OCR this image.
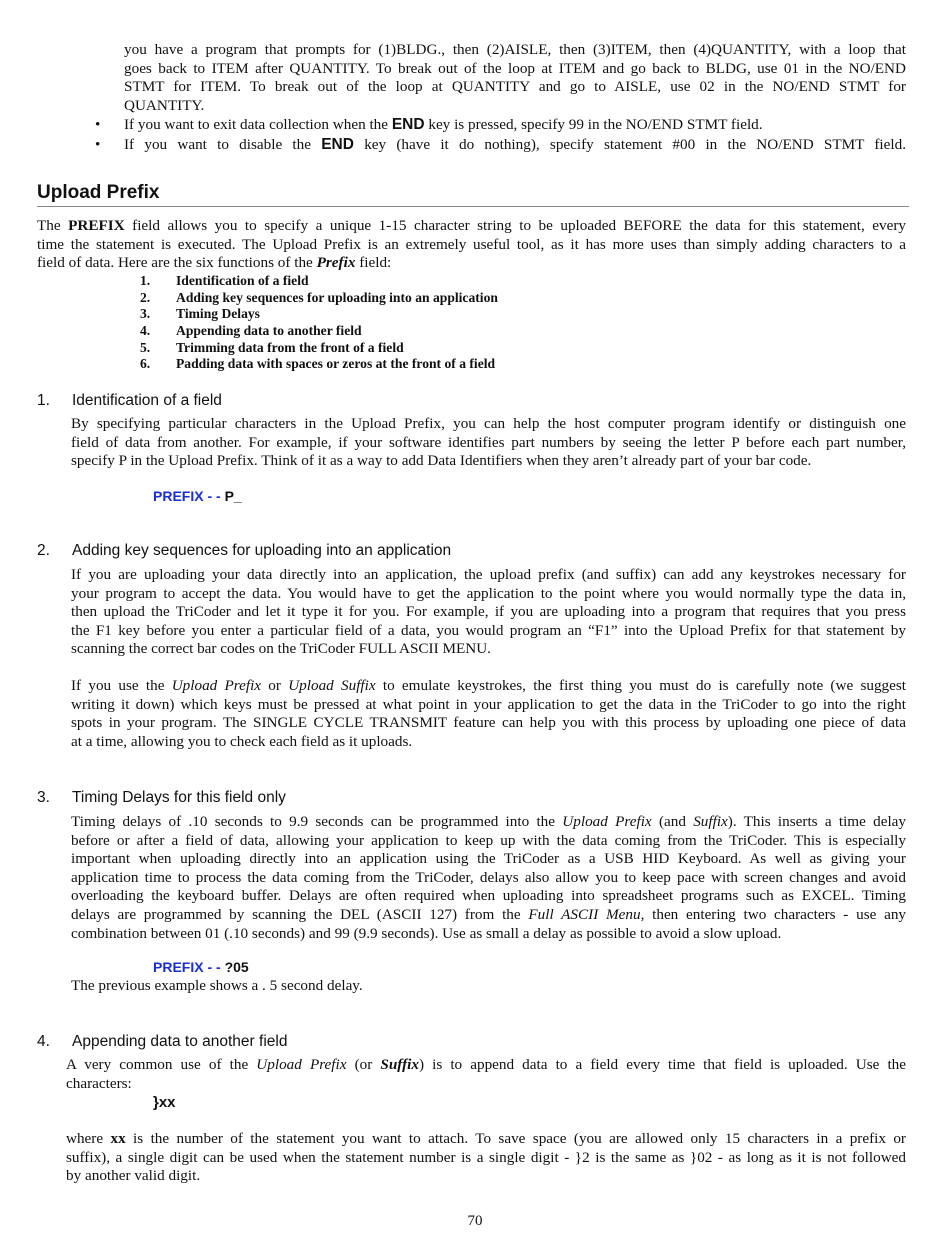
you have a program that prompts for (1)BLDG., then (2)AISLE, then (3)ITEM, then (4)QUANTITY, with a loop that
goes back to ITEM after QUANTITY. To break out of the loop at ITEM and go back to BLDG, use 01 in the NO/END
STMT for ITEM. To break out of the loop at QUANTITY and go to AISLE, use 02 in the NO/END STMT for
QUANTITY.
•	If you want to exit data collection when the END key is pressed, specify 99 in the NO/END STMT field.
•	If you want to disable the END key (have it do nothing), specify statement #00 in the NO/END STMT field.
Upload Prefix
The PREFIX field allows you to specify a unique 1-15 character string to be uploaded BEFORE the data for this statement, every
time the statement is executed. The Upload Prefix is an extremely useful tool, as it has more uses than simply adding characters to a
field of data. Here are the six functions of the Prefix field:
1. Identification of a field
2. Adding key sequences for uploading into an application
3. Timing Delays
4. Appending data to another field
5. Trimming data from the front of a field
6. Padding data with spaces or zeros at the front of a field
1. Identification of a field
By specifying particular characters in the Upload Prefix, you can help the host computer program identify or distinguish one
field of data from another. For example, if your software identifies part numbers by seeing the letter P before each part number,
specify P in the Upload Prefix. Think of it as a way to add Data Identifiers when they aren’t already part of your bar code.
PREFIX - - P_
2. Adding key sequences for uploading into an application
If you are uploading your data directly into an application, the upload prefix (and suffix) can add any keystrokes necessary for
your program to accept the data. You would have to get the application to the point where you would normally type the data in,
then upload the TriCoder and let it type it for you. For example, if you are uploading into a program that requires that you press
the F1 key before you enter a particular field of a data, you would program an “F1” into the Upload Prefix for that statement by
scanning the correct bar codes on the TriCoder FULL ASCII MENU.
If you use the Upload Prefix or Upload Suffix to emulate keystrokes, the first thing you must do is carefully note (we suggest
writing it down) which keys must be pressed at what point in your application to get the data in the TriCoder to go into the right
spots in your program. The SINGLE CYCLE TRANSMIT feature can help you with this process by uploading one piece of data
at a time, allowing you to check each field as it uploads.
3. Timing Delays for this field only
Timing delays of .10 seconds to 9.9 seconds can be programmed into the Upload Prefix (and Suffix). This inserts a time delay
before or after a field of data, allowing your application to keep up with the data coming from the TriCoder. This is especially
important when uploading directly into an application using the TriCoder as a USB HID Keyboard. As well as giving your
application time to process the data coming from the TriCoder, delays also allow you to keep pace with screen changes and avoid
overloading the keyboard buffer. Delays are often required when uploading into spreadsheet programs such as EXCEL. Timing
delays are programmed by scanning the DEL (ASCII 127) from the Full ASCII Menu, then entering two characters - use any
combination between 01 (.10 seconds) and 99 (9.9 seconds). Use as small a delay as possible to avoid a slow upload.
PREFIX - - ?05
The previous example shows a . 5 second delay.
4. Appending data to another field
A very common use of the Upload Prefix (or Suffix) is to append data to a field every time that field is uploaded. Use the
characters:
}xx
where xx is the number of the statement you want to attach. To save space (you are allowed only 15 characters in a prefix or
suffix), a single digit can be used when the statement number is a single digit - }2 is the same as }02 - as long as it is not followed
by another valid digit.
70
